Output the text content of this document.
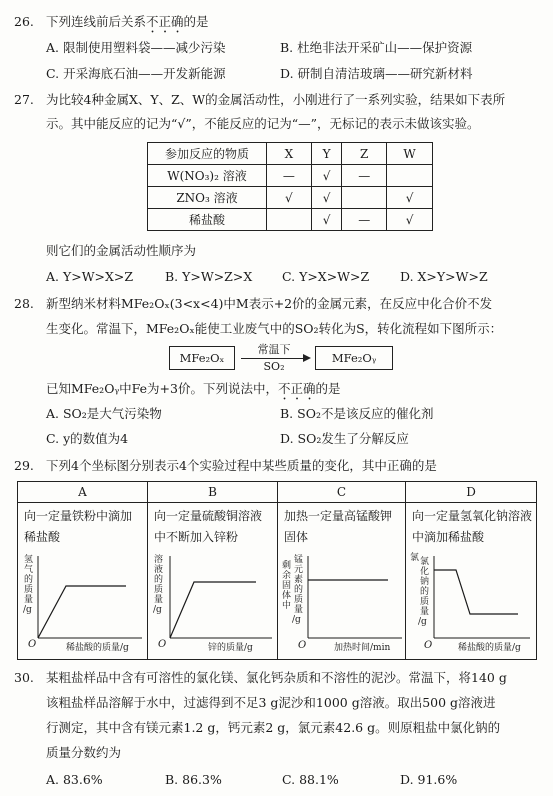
26. 下列连线前后关系不正确的是
A. 限制使用塑料袋——减少污染	B. 杜绝非法开采矿山——保护资源
C. 开采海底石油——开发新能源	D. 研制自清洁玻璃——研究新材料
27. 为比较4种金属X、Y、Z、W的金属活动性，小刚进行了一系列实验，结果如下表所
示。其中能反应的记为“√”，不能反应的记为“—”，无标记的表示未做该实验。
参加反应的物质	X	Y	Z	W
W(NO₃)₂ 溶液	—	√	—	
ZNO₃ 溶液	√	√		√
稀盐酸		√	—	√
则它们的金属活动性顺序为
A. Y>W>X>Z	B. Y>W>Z>X C. Y>X>W>Z D. X>Y>W>Z
28. 新型纳米材料MFe₂Oₓ(3<x<4)中M表示+2价的金属元素，在反应中化合价不发
生变化。常温下，MFe₂Oₓ能使工业废气中的SO₂转化为S，转化流程如下图所示：
MFe₂Oₓ
常温下
SO₂
MFe₂Oᵧ
已知MFe₂Oᵧ中Fe为+3价。下列说法中，不正确的是
A. SO₂是大气污染物	B. SO₂不是该反应的催化剂
C. y的数值为4	D. SO₂发生了分解反应
29. 下列4个坐标图分别表示4个实验过程中某些质量的变化，其中正确的是
A
向一定量铁粉中滴加稀盐酸
氢
气
的
质
量
/g
O	稀盐酸的质量/g
B
向一定量硫酸铜溶液中不断加入锌粉
溶
液
的
质
量
/g
O	锌的质量/g
C
加热一定量高锰酸钾固体
剩
余
固
体
中
锰
元
素
的
质
量
/g
O	加热时间/min
D
向一定量氢氧化钠溶液中滴加稀盐酸
氯 氯
化
钠
的
质
量
/g
O	稀盐酸的质量/g
30. 某粗盐样品中含有可溶性的氯化镁、氯化钙杂质和不溶性的泥沙。常温下，将140 g
该粗盐样品溶解于水中，过滤得到不足3 g泥沙和1000 g溶液。取出500 g溶液进
行测定，其中含有镁元素1.2 g，钙元素2 g，氯元素42.6 g。则原粗盐中氯化钠的
质量分数约为
A. 83.6%	B. 86.3%	C. 88.1%	D. 91.6%
